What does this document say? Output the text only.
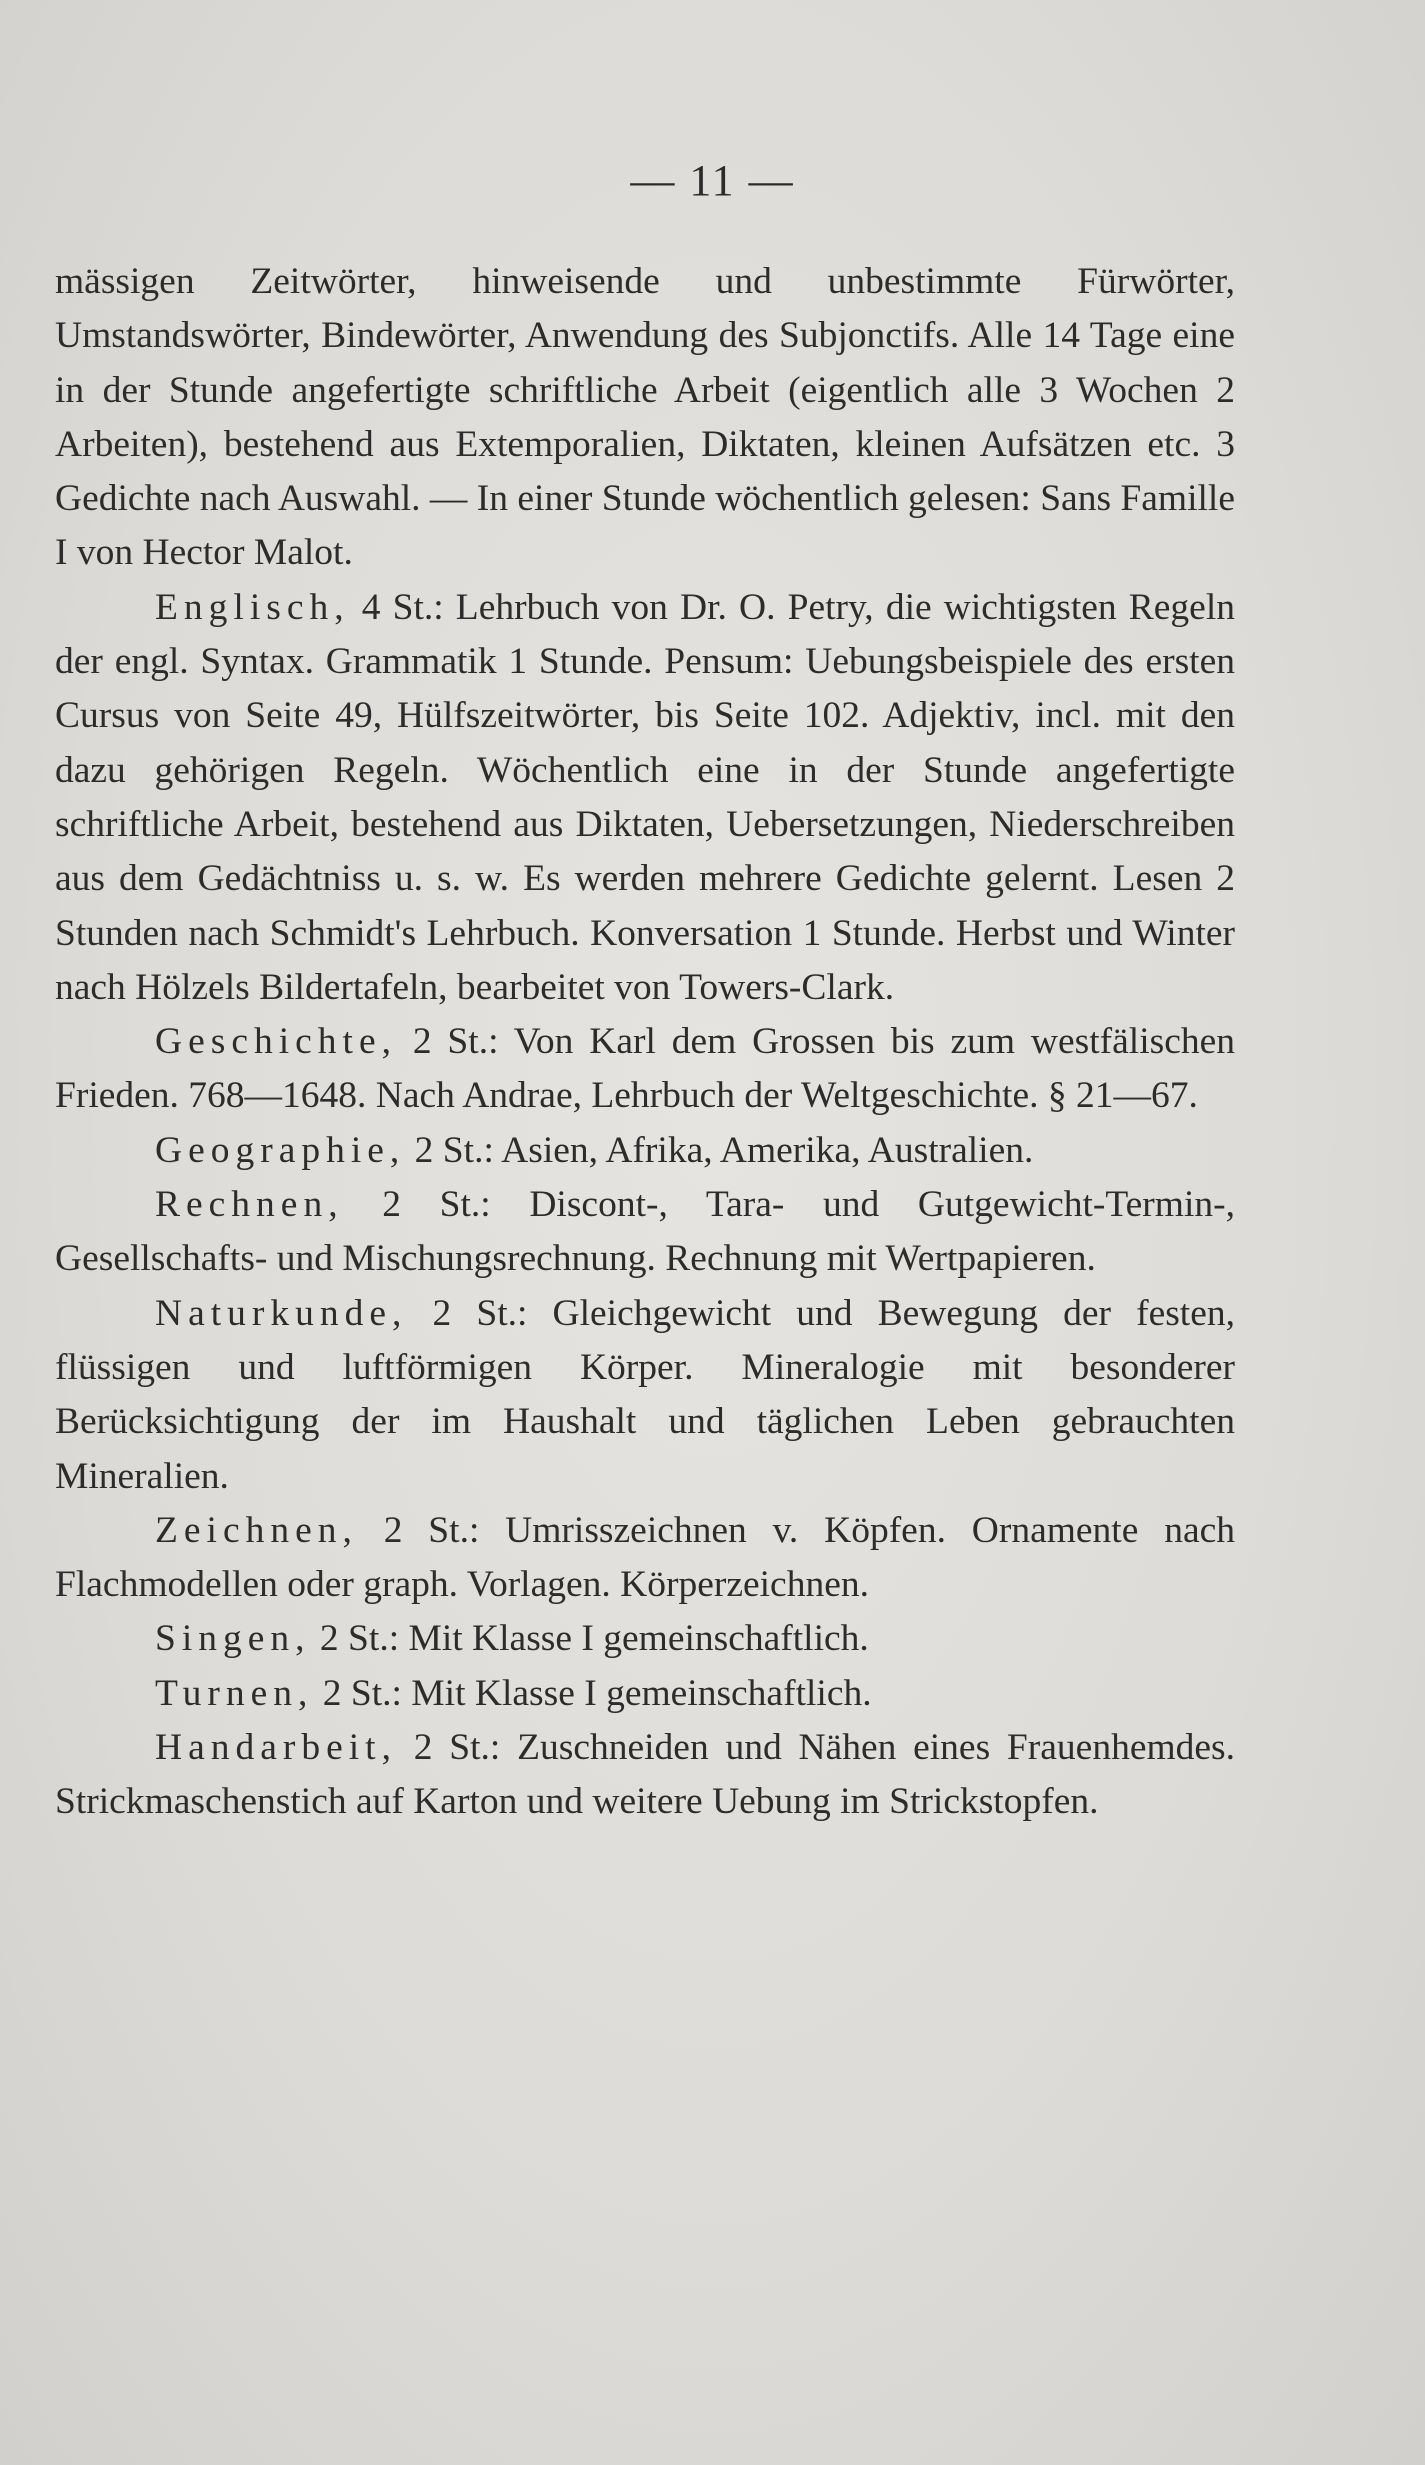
— 11 —

mässigen Zeitwörter, hinweisende und unbestimmte Fürwörter, Umstandswörter, Bindewörter, Anwendung des Subjonctifs. Alle 14 Tage eine in der Stunde angefertigte schriftliche Arbeit (eigentlich alle 3 Wochen 2 Arbeiten), bestehend aus Extemporalien, Diktaten, kleinen Aufsätzen etc. 3 Gedichte nach Auswahl. — In einer Stunde wöchentlich gelesen: Sans Famille I von Hector Malot.

Englisch, 4 St.: Lehrbuch von Dr. O. Petry, die wichtigsten Regeln der engl. Syntax. Grammatik 1 Stunde. Pensum: Uebungsbeispiele des ersten Cursus von Seite 49, Hülfszeitwörter, bis Seite 102. Adjektiv, incl. mit den dazu gehörigen Regeln. Wöchentlich eine in der Stunde angefertigte schriftliche Arbeit, bestehend aus Diktaten, Uebersetzungen, Niederschreiben aus dem Gedächtniss u. s. w. Es werden mehrere Gedichte gelernt. Lesen 2 Stunden nach Schmidt's Lehrbuch. Konversation 1 Stunde. Herbst und Winter nach Hölzels Bildertafeln, bearbeitet von Towers-Clark.

Geschichte, 2 St.: Von Karl dem Grossen bis zum westfälischen Frieden. 768—1648. Nach Andrae, Lehrbuch der Weltgeschichte. § 21—67.

Geographie, 2 St.: Asien, Afrika, Amerika, Australien.

Rechnen, 2 St.: Discont-, Tara- und Gutgewicht-Termin-, Gesellschafts- und Mischungsrechnung. Rechnung mit Wertpapieren.

Naturkunde, 2 St.: Gleichgewicht und Bewegung der festen, flüssigen und luftförmigen Körper. Mineralogie mit besonderer Berücksichtigung der im Haushalt und täglichen Leben gebrauchten Mineralien.

Zeichnen, 2 St.: Umrisszeichnen v. Köpfen. Ornamente nach Flachmodellen oder graph. Vorlagen. Körperzeichnen.

Singen, 2 St.: Mit Klasse I gemeinschaftlich.

Turnen, 2 St.: Mit Klasse I gemeinschaftlich.

Handarbeit, 2 St.: Zuschneiden und Nähen eines Frauenhemdes. Strickmaschenstich auf Karton und weitere Uebung im Strickstopfen.
